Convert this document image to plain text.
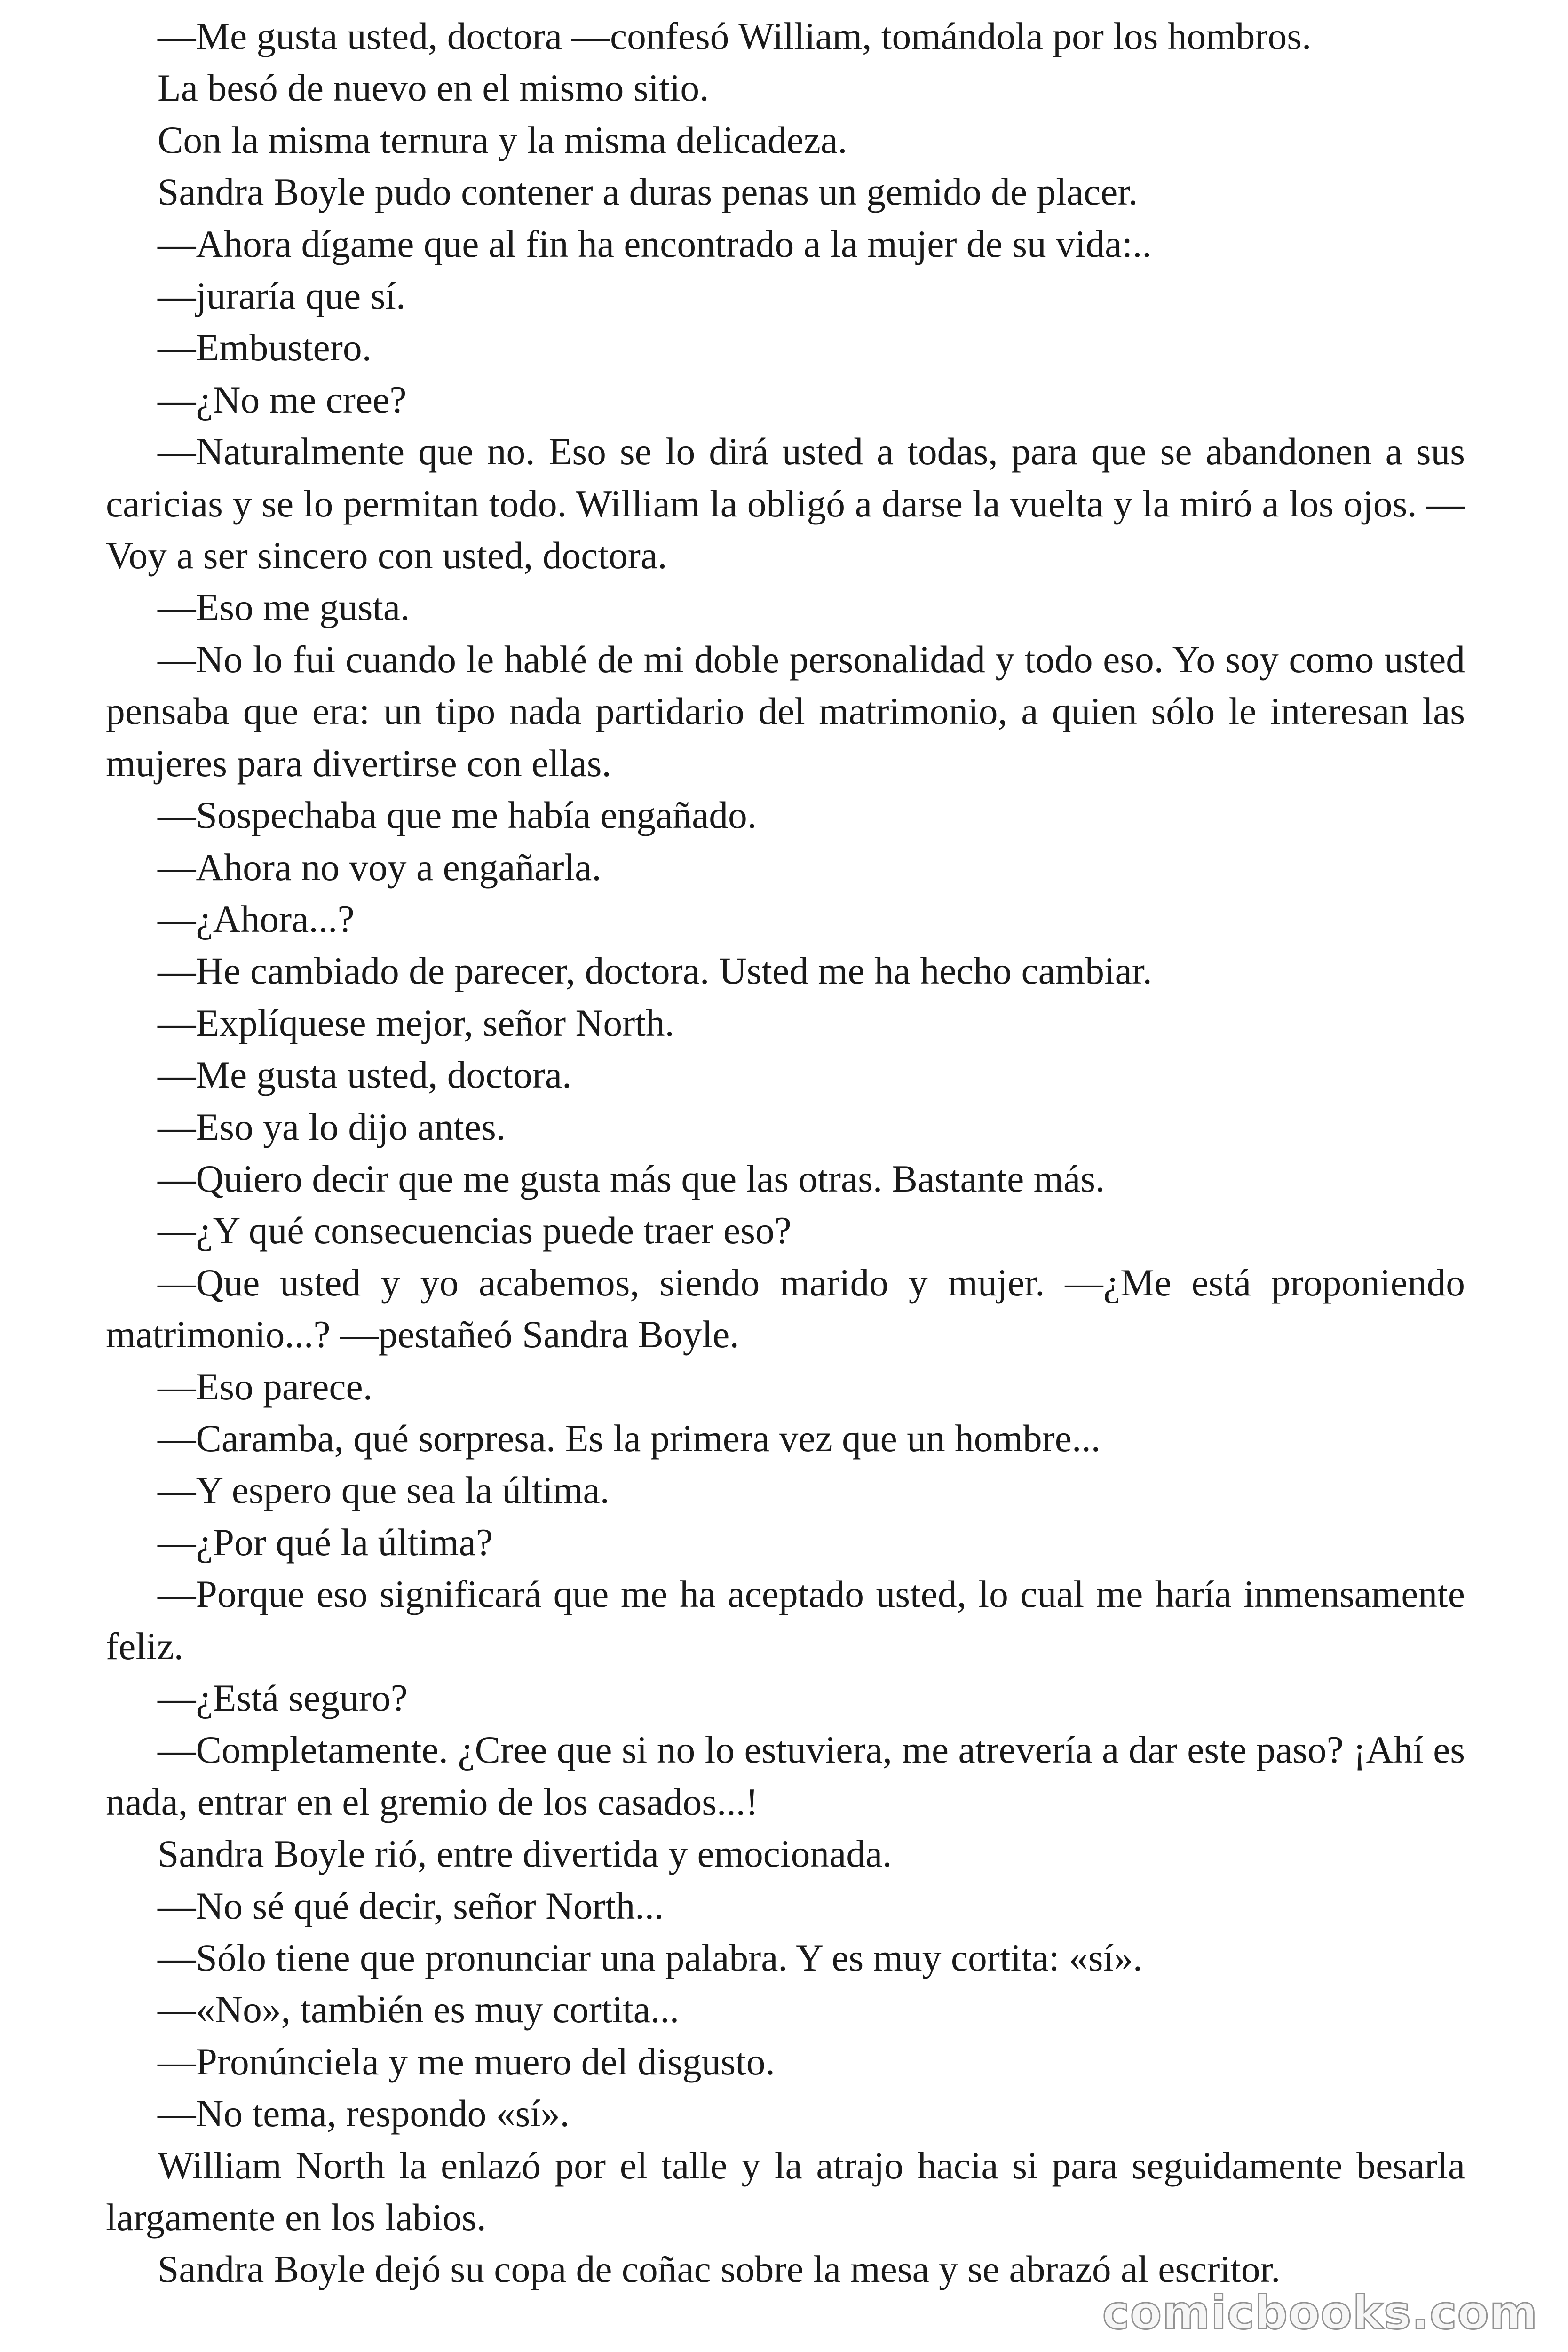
—Me gusta usted, doctora —confesó William, tomándola por los hombros.

La besó de nuevo en el mismo sitio.

Con la misma ternura y la misma delicadeza.

Sandra Boyle pudo contener a duras penas un gemido de placer.

—Ahora dígame que al fin ha encontrado a la mujer de su vida:..

—juraría que sí.

—Embustero.

—¿No me cree?

—Naturalmente que no. Eso se lo dirá usted a todas, para que se abandonen a sus caricias y se lo permitan todo. William la obligó a darse la vuelta y la miró a los ojos. — Voy a ser sincero con usted, doctora.

—Eso me gusta.

—No lo fui cuando le hablé de mi doble personalidad y todo eso. Yo soy como usted pensaba que era: un tipo nada partidario del matrimonio, a quien sólo le interesan las mujeres para divertirse con ellas.

—Sospechaba que me había engañado.

—Ahora no voy a engañarla.

—¿Ahora...?

—He cambiado de parecer, doctora. Usted me ha hecho cambiar.

—Explíquese mejor, señor North.

—Me gusta usted, doctora.

—Eso ya lo dijo antes.

—Quiero decir que me gusta más que las otras. Bastante más.

—¿Y qué consecuencias puede traer eso?

—Que usted y yo acabemos, siendo marido y mujer. —¿Me está proponiendo matrimonio...? —pestañeó Sandra Boyle.

—Eso parece.

—Caramba, qué sorpresa. Es la primera vez que un hombre...

—Y espero que sea la última.

—¿Por qué la última?

—Porque eso significará que me ha aceptado usted, lo cual me haría inmensamente feliz.

—¿Está seguro?

—Completamente. ¿Cree que si no lo estuviera, me atrevería a dar este paso? ¡Ahí es nada, entrar en el gremio de los casados...!

Sandra Boyle rió, entre divertida y emocionada.

—No sé qué decir, señor North...

—Sólo tiene que pronunciar una palabra. Y es muy cortita: «sí».

—«No», también es muy cortita...

—Pronúnciela y me muero del disgusto.

—No tema, respondo «sí».

William North la enlazó por el talle y la atrajo hacia si para seguidamente besarla largamente en los labios.

Sandra Boyle dejó su copa de coñac sobre la mesa y se abrazó al escritor.

comicbooks.com
